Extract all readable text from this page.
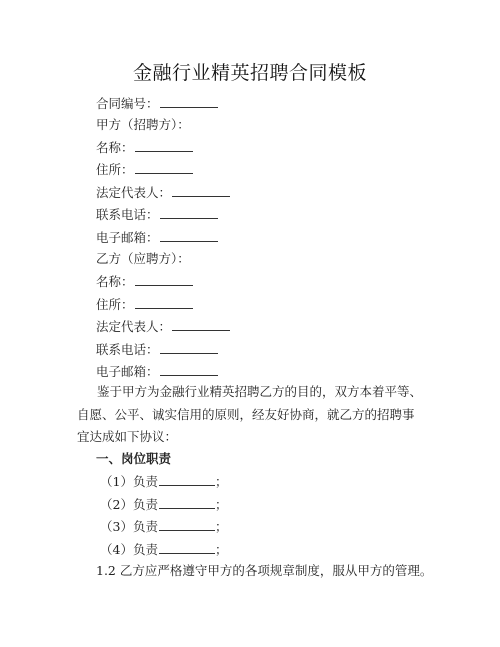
金融行业精英招聘合同模板
合同编号：
甲方（招聘方）：
名称：
住所：
法定代表人：
联系电话：
电子邮箱：
乙方（应聘方）：
名称：
住所：
法定代表人：
联系电话：
电子邮箱：
鉴于甲方为金融行业精英招聘乙方的目的，双方本着平等、自愿、公平、诚实信用的原则，经友好协商，就乙方的招聘事宜达成如下协议：
一、岗位职责
（1）负责	；
（2）负责	；
（3）负责	；
（4）负责	；
1.2 乙方应严格遵守甲方的各项规章制度，服从甲方的管理。
